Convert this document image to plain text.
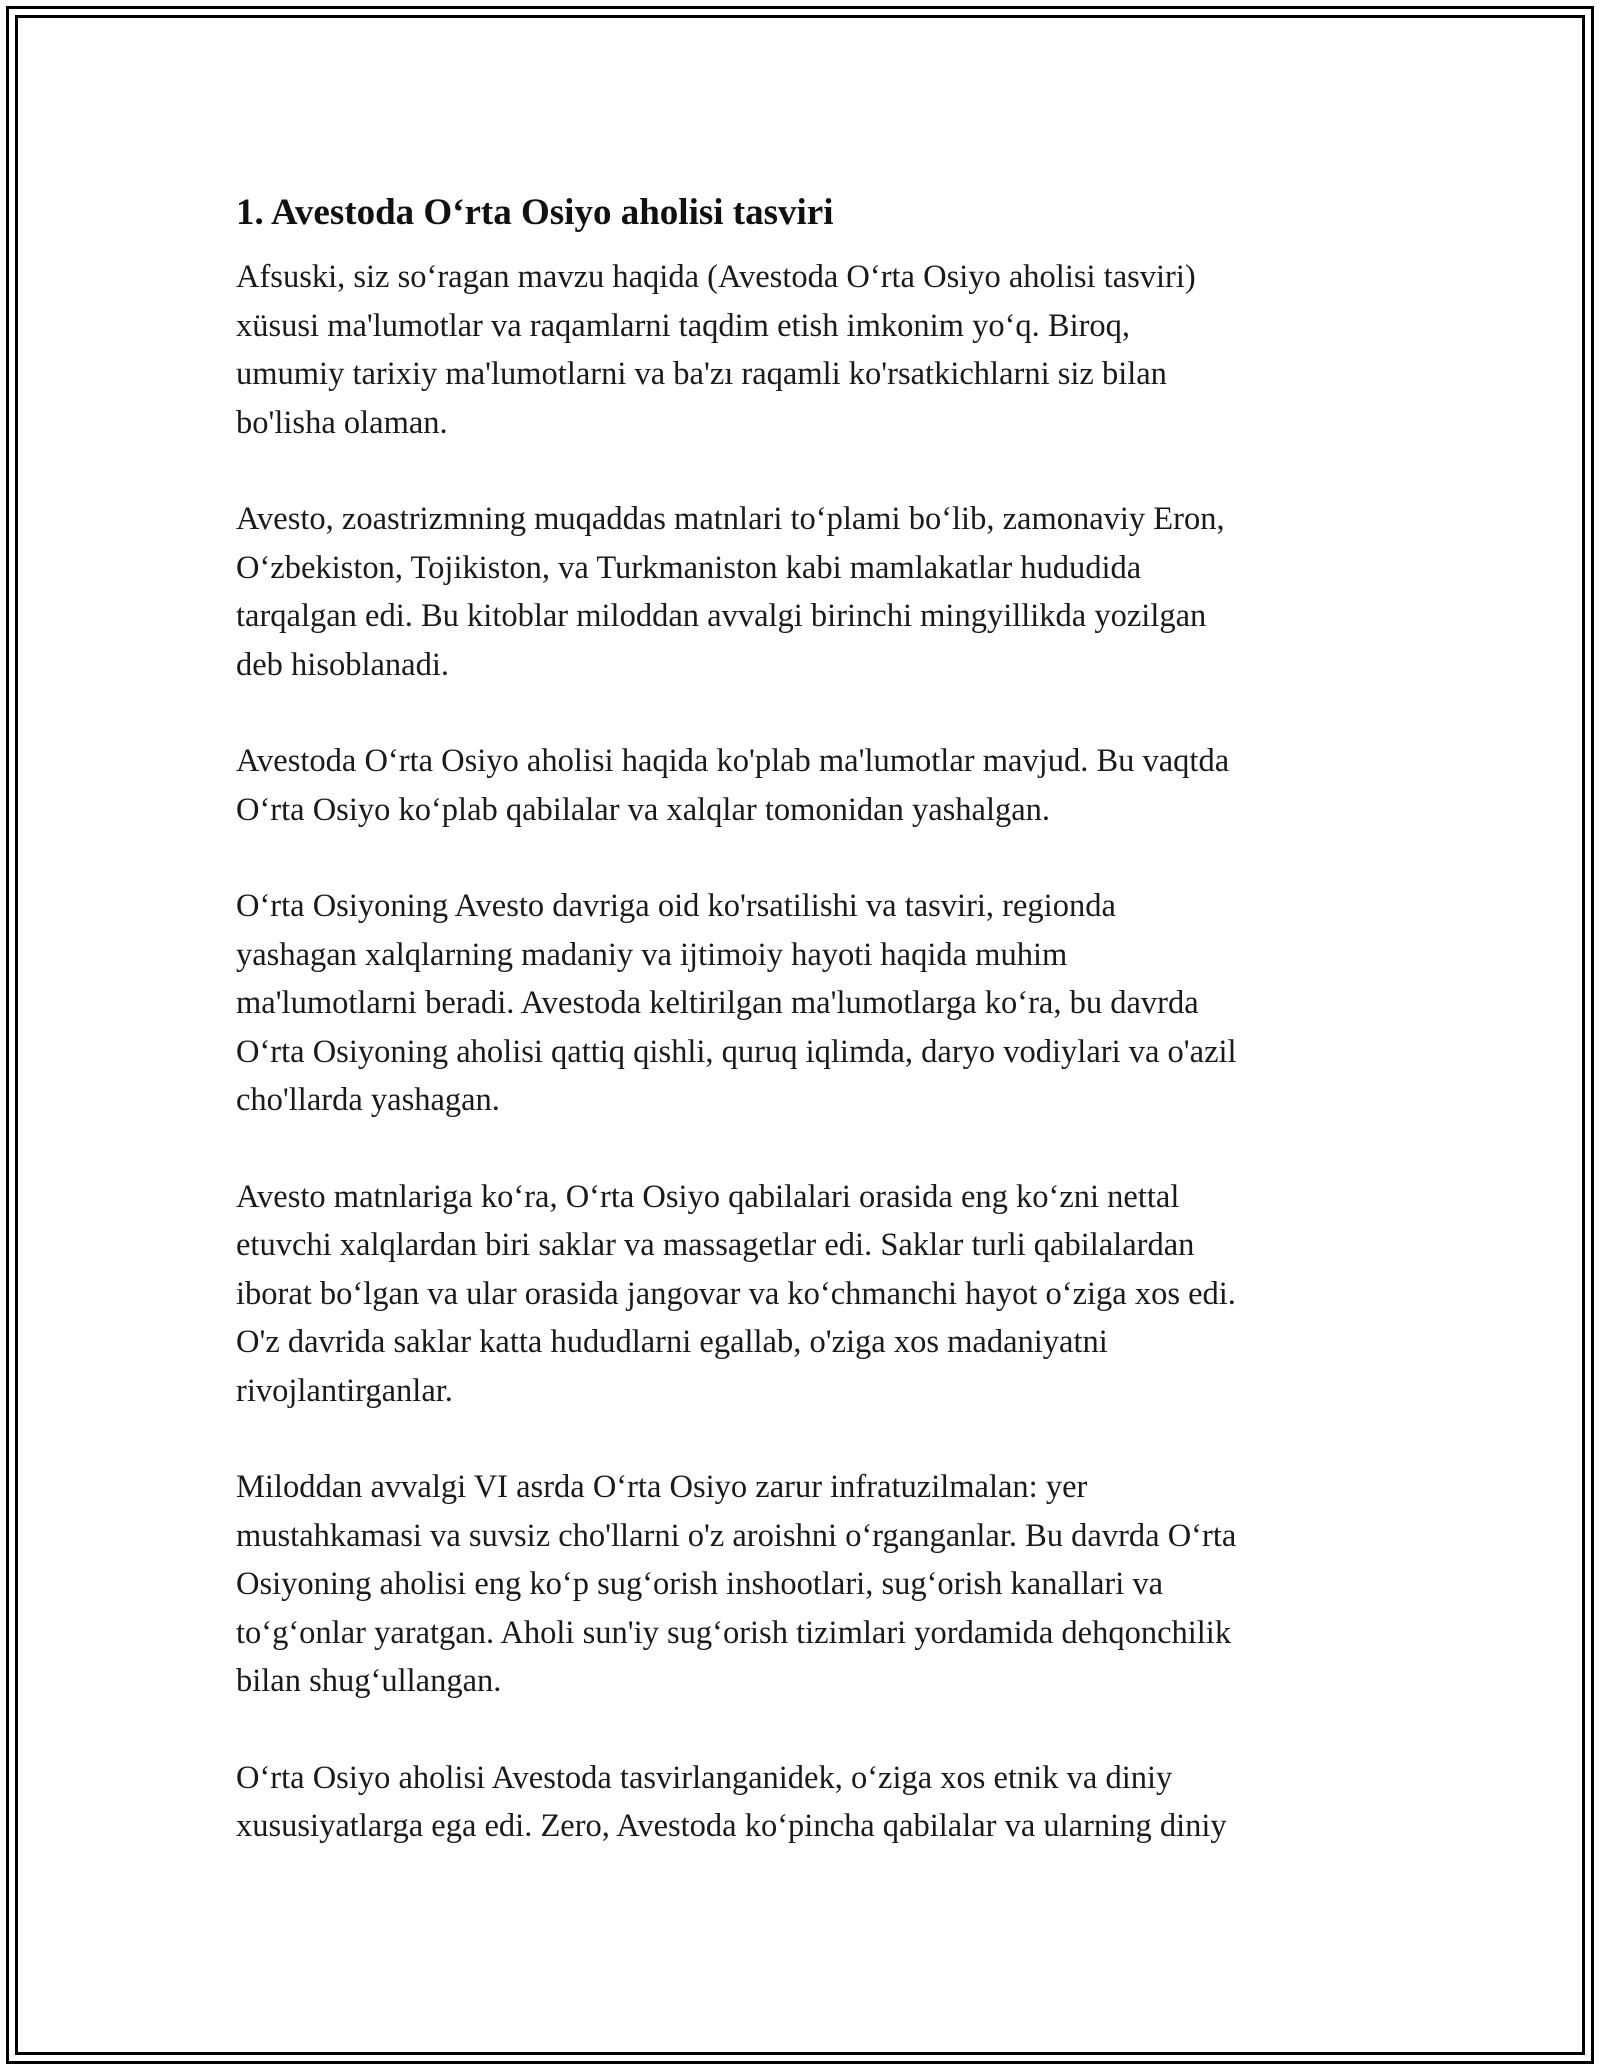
1. Avestoda O‘rta Osiyo aholisi tasviri

Afsuski, siz so‘ragan mavzu haqida (Avestoda O‘rta Osiyo aholisi tasviri)
xüsusi ma'lumotlar va raqamlarni taqdim etish imkonim yo‘q. Biroq,
umumiy tarixiy ma'lumotlarni va ba'zı raqamli ko'rsatkichlarni siz bilan
bo'lisha olaman.

Avesto, zoastrizmning muqaddas matnlari to‘plami bo‘lib, zamonaviy Eron,
O‘zbekiston, Tojikiston, va Turkmaniston kabi mamlakatlar hududida
tarqalgan edi. Bu kitoblar miloddan avvalgi birinchi mingyillikda yozilgan
deb hisoblanadi.

Avestoda O‘rta Osiyo aholisi haqida ko'plab ma'lumotlar mavjud. Bu vaqtda
O‘rta Osiyo ko‘plab qabilalar va xalqlar tomonidan yashalgan.

O‘rta Osiyoning Avesto davriga oid ko'rsatilishi va tasviri, regionda
yashagan xalqlarning madaniy va ijtimoiy hayoti haqida muhim
ma'lumotlarni beradi. Avestoda keltirilgan ma'lumotlarga ko‘ra, bu davrda
O‘rta Osiyoning aholisi qattiq qishli, quruq iqlimda, daryo vodiylari va o'azil
cho'llarda yashagan.

Avesto matnlariga ko‘ra, O‘rta Osiyo qabilalari orasida eng ko‘zni nettal
etuvchi xalqlardan biri saklar va massagetlar edi. Saklar turli qabilalardan
iborat bo‘lgan va ular orasida jangovar va ko‘chmanchi hayot o‘ziga xos edi.
O'z davrida saklar katta hududlarni egallab, o'ziga xos madaniyatni
rivojlantirganlar.

Miloddan avvalgi VI asrda O‘rta Osiyo zarur infratuzilmalan: yer
mustahkamasi va suvsiz cho'llarni o'z aroishni o‘rganganlar. Bu davrda O‘rta
Osiyoning aholisi eng ko‘p sug‘orish inshootlari, sug‘orish kanallari va
to‘g‘onlar yaratgan. Aholi sun'iy sug‘orish tizimlari yordamida dehqonchilik
bilan shug‘ullangan.

O‘rta Osiyo aholisi Avestoda tasvirlanganidek, o‘ziga xos etnik va diniy
xususiyatlarga ega edi. Zero, Avestoda ko‘pincha qabilalar va ularning diniy
